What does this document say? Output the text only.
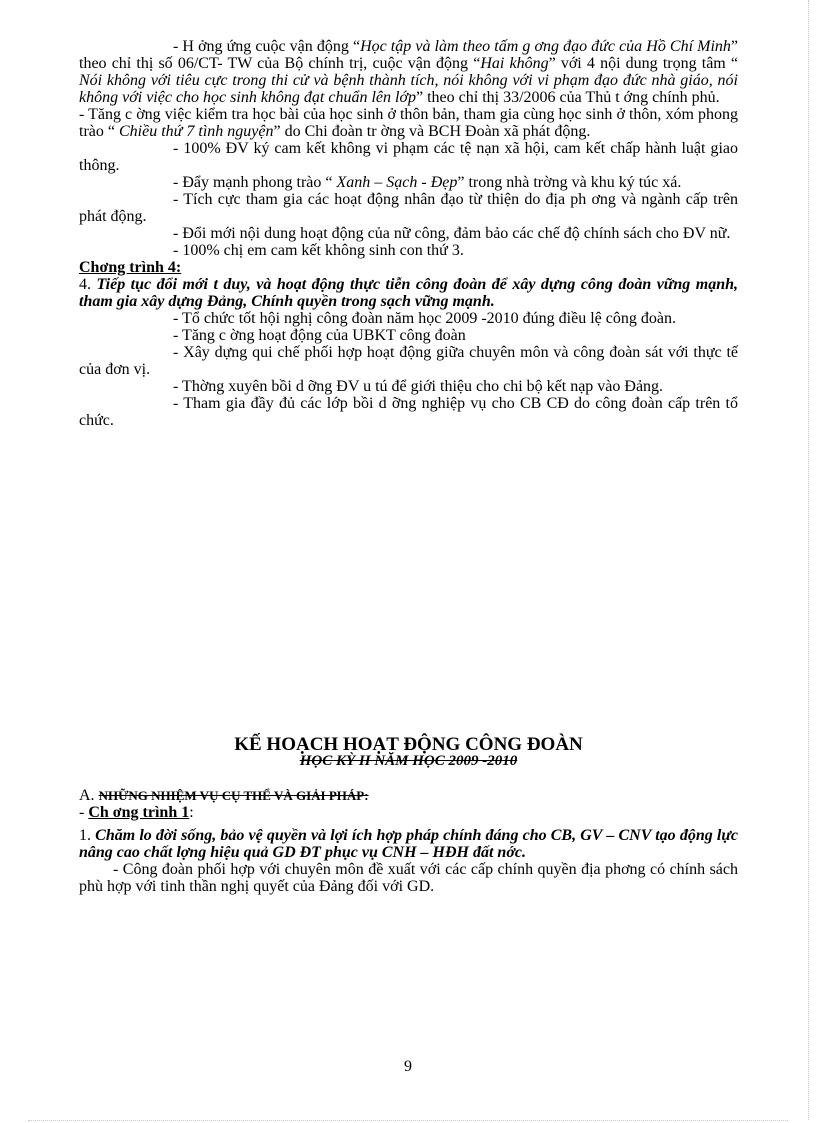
- H ởng ứng cuộc vận động “Học tập và làm theo tấm g ơng đạo đức của Hồ Chí Minh” theo chỉ thị số 06/CT- TW của Bộ chính trị, cuộc vận động “Hai không” với 4 nội dung trọng tâm “ Nói không với tiêu cực trong thi cử và bệnh thành tích, nói không với vi phạm đạo đức nhà giáo, nói không với việc cho học sinh không đạt chuẩn lên lớp” theo chỉ thị 33/2006 của Thủ t ớng chính phủ.

- Tăng c ờng việc kiểm tra học bài của học sinh ở thôn bản, tham gia cùng học sinh ở thôn, xóm phong trào “ Chiều thứ 7 tình nguyện” do Chi đoàn tr ờng và BCH Đoàn xã phát động.

- 100% ĐV ký cam kết không vi phạm các tệ nạn xã hội, cam kết chấp hành luật giao thông.

- Đẩy mạnh phong trào “ Xanh – Sạch - Đẹp” trong nhà trờng và khu ký túc xá.

- Tích cực tham gia các hoạt động nhân đạo từ thiện do địa ph ơng và ngành cấp trên phát động.

- Đổi mới nội dung hoạt động của nữ công, đảm bảo các chế độ chính sách cho ĐV nữ.

- 100% chị em cam kết không sinh con thứ 3.

Chơng trình 4:

4. Tiếp tục đổi mới t duy, và hoạt động thực tiễn công đoàn để xây dựng công đoàn vững mạnh, tham gia xây dựng Đảng, Chính quyền trong sạch vững mạnh.

- Tổ chức tốt hội nghị công đoàn năm học 2009 -2010 đúng điều lệ công đoàn.

- Tăng c ờng hoạt động của UBKT công đoàn

- Xây dựng qui chế phối hợp hoạt động giữa chuyên môn và công đoàn sát với thực tế của đơn vị.

- Thờng xuyên bồi d ỡng ĐV u tú để giới thiệu cho chi bộ kết nạp vào Đảng.

- Tham gia đầy đủ các lớp bồi d ỡng nghiệp vụ cho CB CĐ do công đoàn cấp trên tổ chức.

KẾ HOẠCH HOẠT ĐỘNG CÔNG ĐOÀN

HỌC KỲ II NĂM HỌC 2009 -2010

A. NHỮNG NHIỆM VỤ CỤ THỂ VÀ GIẢI PHÁP:

- Ch ơng trình 1:

1. Chăm lo đời sống, bảo vệ quyền và lợi ích hợp pháp chính đáng cho CB, GV – CNV tạo động lực nâng cao chất lợng hiệu quả GD ĐT phục vụ CNH – HĐH đất nớc.

- Công đoàn phối hợp với chuyên môn đề xuất với các cấp chính quyền địa phơng có chính sách phù hợp với tinh thần nghị quyết của Đảng đối với GD.

9
